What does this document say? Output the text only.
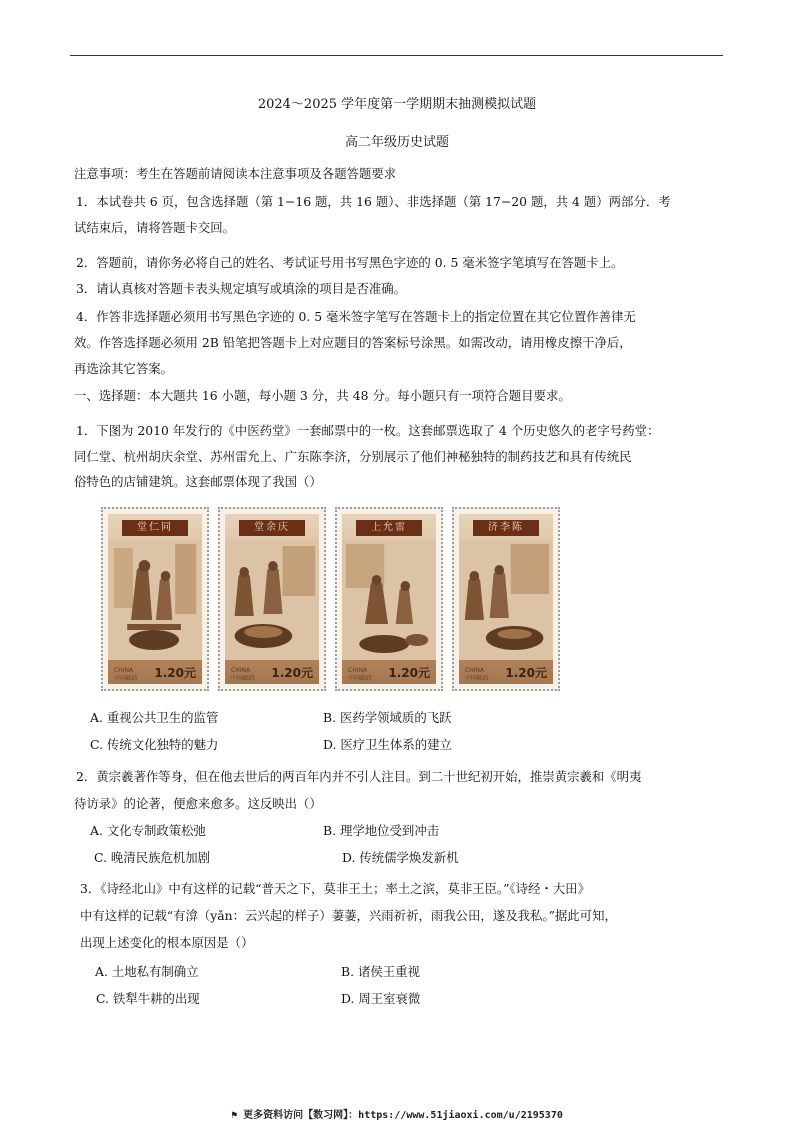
2024～2025 学年度第一学期期末抽测模拟试题
高二年级历史试题
注意事项：考生在答题前请阅读本注意事项及各题答题要求
1．本试卷共 6 页，包含选择题（第 1−16 题，共 16 题）、非选择题（第 17−20 题，共 4 题）两部分．考
试结束后，请将答题卡交回。
2．答题前，请你务必将自己的姓名、考试证号用书写黑色字迹的 0. 5 毫米签字笔填写在答题卡上。
3．请认真核对答题卡表头规定填写或填涂的项目是否准确。
4．作答非选择题必须用书写黑色字迹的 0. 5 毫米签字笔写在答题卡上的指定位置在其它位置作善律无
效。作答选择题必须用 2B 铅笔把答题卡上对应题目的答案标号涂黑。如需改动，请用橡皮擦干净后，
再选涂其它答案。
一、选择题：本大题共 16 小题，每小题 3 分，共 48 分。每小题只有一项符合题目要求。
1．下图为 2010 年发行的《中医药堂》一套邮票中的一枚。这套邮票选取了 4 个历史悠久的老字号药堂：
同仁堂、杭州胡庆余堂、苏州雷允上、广东陈李济，分别展示了他们神秘独特的制药技艺和具有传统民
俗特色的店铺建筑。这套邮票体现了我国（）
堂仁同
CHINA
中国邮政 1.20元
堂余庆
CHINA
中国邮政 1.20元
上允雷
CHINA
中国邮政 1.20元
济李陈
CHINA
中国邮政 1.20元
A. 重视公共卫生的监管	B. 医药学领域质的飞跃
C. 传统文化独特的魅力	D. 医疗卫生体系的建立
2．黄宗羲著作等身，但在他去世后的两百年内并不引人注目。到二十世纪初开始，推崇黄宗羲和《明夷
待访录》的论著，便愈来愈多。这反映出（）
A. 文化专制政策松弛	B. 理学地位受到冲击
C. 晚清民族危机加剧	D. 传统儒学焕发新机
3．《诗经北山》中有这样的记载“普天之下，莫非王土；率土之滨，莫非王臣。”《诗经・大田》
中有这样的记载“有渰（yǎn：云兴起的样子）萋萋，兴雨祈祈，雨我公田，遂及我私。”据此可知，
出现上述变化的根本原因是（）
A. 土地私有制确立	B. 诸侯王重视
C. 铁犁牛耕的出现	D. 周王室衰微
⚑ 更多资料访问【数习网】：https://www.51jiaoxi.com/u/2195370
